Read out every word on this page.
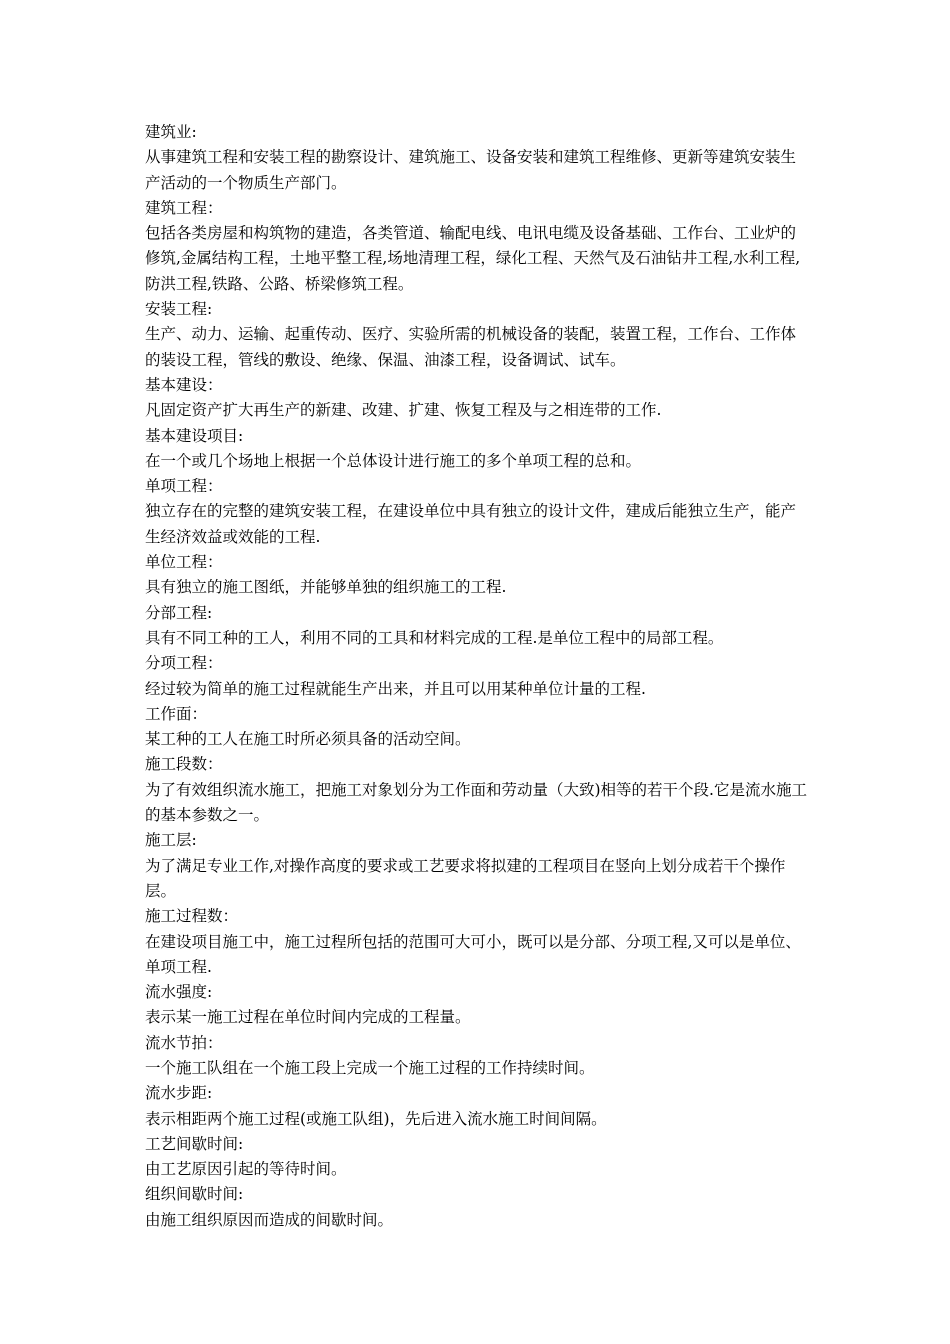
建筑业:
从事建筑工程和安装工程的勘察设计、建筑施工、设备安装和建筑工程维修、更新等建筑安装生产活动的一个物质生产部门。
建筑工程：
包括各类房屋和构筑物的建造，各类管道、输配电线、电讯电缆及设备基础、工作台、工业炉的修筑,金属结构工程，土地平整工程,场地清理工程，绿化工程、天然气及石油钻井工程,水利工程,防洪工程,铁路、公路、桥梁修筑工程。
安装工程:
生产、动力、运输、起重传动、医疗、实验所需的机械设备的装配，装置工程，工作台、工作体的装设工程，管线的敷设、绝缘、保温、油漆工程，设备调试、试车。
基本建设：
凡固定资产扩大再生产的新建、改建、扩建、恢复工程及与之相连带的工作.
基本建设项目:
在一个或几个场地上根据一个总体设计进行施工的多个单项工程的总和。
单项工程：
独立存在的完整的建筑安装工程，在建设单位中具有独立的设计文件，建成后能独立生产，能产生经济效益或效能的工程.
单位工程：
具有独立的施工图纸，并能够单独的组织施工的工程.
分部工程:
具有不同工种的工人，利用不同的工具和材料完成的工程.是单位工程中的局部工程。
分项工程：
经过较为简单的施工过程就能生产出来，并且可以用某种单位计量的工程.
工作面：
某工种的工人在施工时所必须具备的活动空间。
施工段数：
为了有效组织流水施工，把施工对象划分为工作面和劳动量（大致)相等的若干个段.它是流水施工的基本参数之一。
施工层:
为了满足专业工作,对操作高度的要求或工艺要求将拟建的工程项目在竖向上划分成若干个操作层。
施工过程数：
在建设项目施工中，施工过程所包括的范围可大可小，既可以是分部、分项工程,又可以是单位、单项工程.
流水强度:
表示某一施工过程在单位时间内完成的工程量。
流水节拍：
一个施工队组在一个施工段上完成一个施工过程的工作持续时间。
流水步距:
表示相距两个施工过程(或施工队组)，先后进入流水施工时间间隔。
工艺间歇时间:
由工艺原因引起的等待时间。
组织间歇时间:
由施工组织原因而造成的间歇时间。
